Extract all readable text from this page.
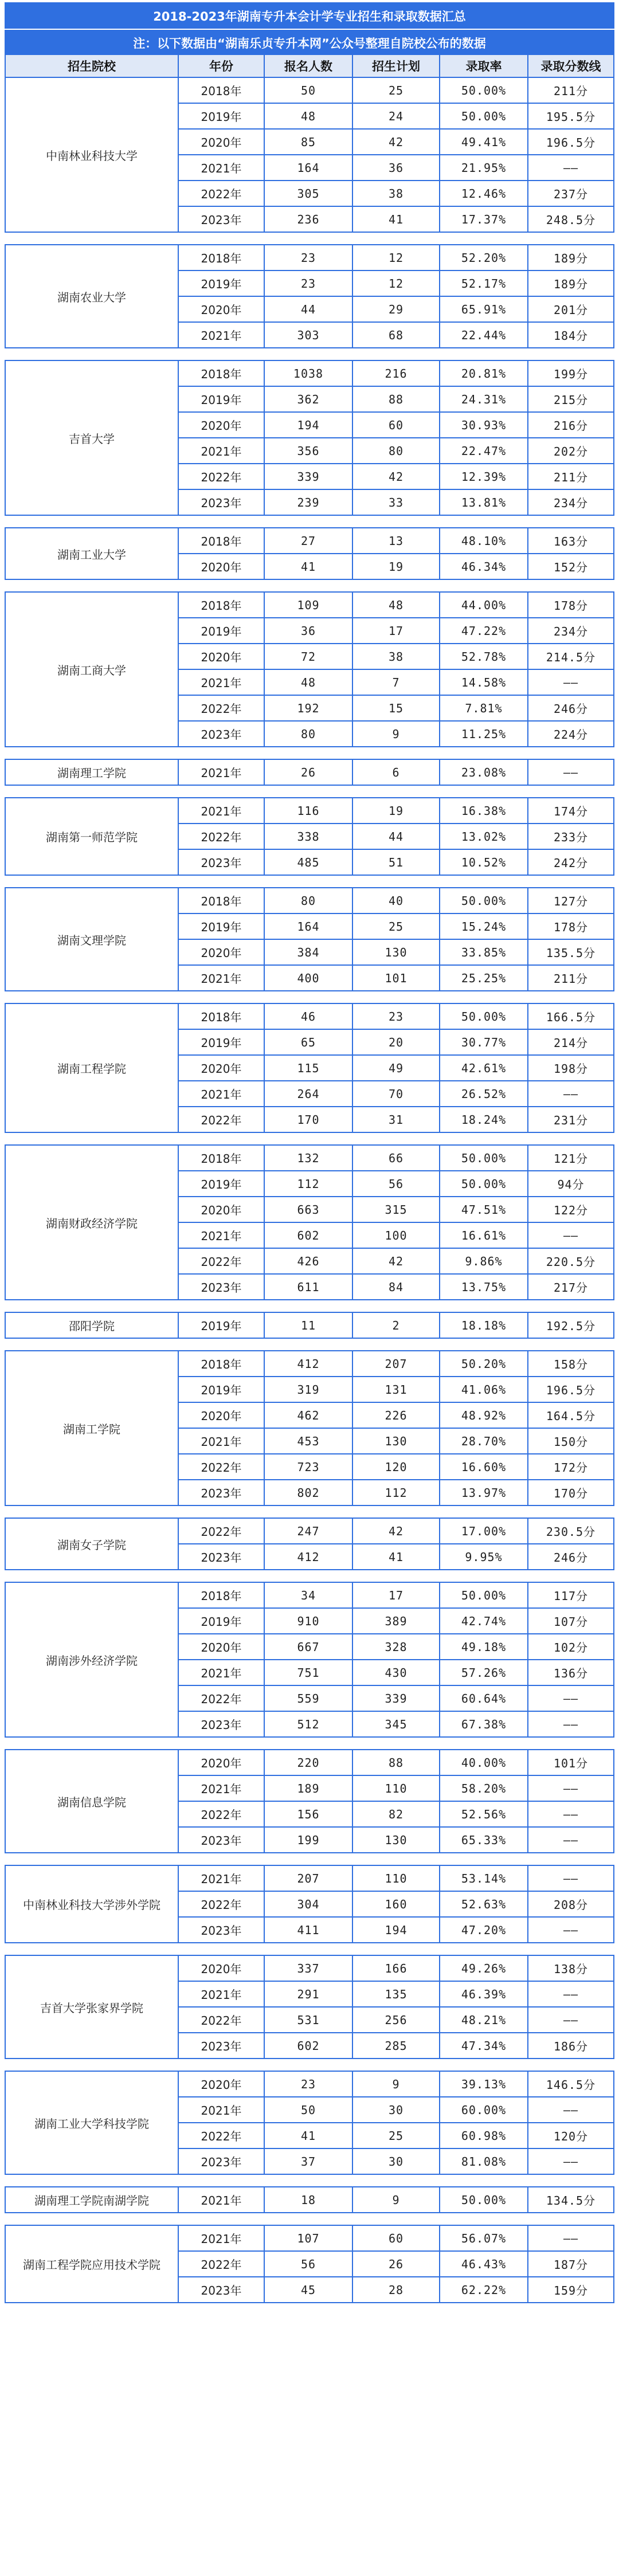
2018-2023年湖南专升本会计学专业招生和录取数据汇总
注：以下数据由“湖南乐贞专升本网”公众号整理自院校公布的数据
招生院校	年份	报名人数	招生计划	录取率	录取分数线
中南林业科技大学
2018年	50	25	50.00%	211分
2019年	48	24	50.00%	195.5分
2020年	85	42	49.41%	196.5分
2021年	164	36	21.95%	——
2022年	305	38	12.46%	237分
2023年	236	41	17.37%	248.5分
湖南农业大学
2018年	23	12	52.20%	189分
2019年	23	12	52.17%	189分
2020年	44	29	65.91%	201分
2021年	303	68	22.44%	184分
吉首大学
2018年	1038	216	20.81%	199分
2019年	362	88	24.31%	215分
2020年	194	60	30.93%	216分
2021年	356	80	22.47%	202分
2022年	339	42	12.39%	211分
2023年	239	33	13.81%	234分
湖南工业大学
2018年	27	13	48.10%	163分
2020年	41	19	46.34%	152分
湖南工商大学
2018年	109	48	44.00%	178分
2019年	36	17	47.22%	234分
2020年	72	38	52.78%	214.5分
2021年	48	7	14.58%	——
2022年	192	15	7.81%	246分
2023年	80	9	11.25%	224分
湖南理工学院	2021年	26	6	23.08%	——
湖南第一师范学院
2021年	116	19	16.38%	174分
2022年	338	44	13.02%	233分
2023年	485	51	10.52%	242分
湖南文理学院
2018年	80	40	50.00%	127分
2019年	164	25	15.24%	178分
2020年	384	130	33.85%	135.5分
2021年	400	101	25.25%	211分
湖南工程学院
2018年	46	23	50.00%	166.5分
2019年	65	20	30.77%	214分
2020年	115	49	42.61%	198分
2021年	264	70	26.52%	——
2022年	170	31	18.24%	231分
湖南财政经济学院
2018年	132	66	50.00%	121分
2019年	112	56	50.00%	94分
2020年	663	315	47.51%	122分
2021年	602	100	16.61%	——
2022年	426	42	9.86%	220.5分
2023年	611	84	13.75%	217分
邵阳学院	2019年	11	2	18.18%	192.5分
湖南工学院
2018年	412	207	50.20%	158分
2019年	319	131	41.06%	196.5分
2020年	462	226	48.92%	164.5分
2021年	453	130	28.70%	150分
2022年	723	120	16.60%	172分
2023年	802	112	13.97%	170分
湖南女子学院
2022年	247	42	17.00%	230.5分
2023年	412	41	9.95%	246分
湖南涉外经济学院
2018年	34	17	50.00%	117分
2019年	910	389	42.74%	107分
2020年	667	328	49.18%	102分
2021年	751	430	57.26%	136分
2022年	559	339	60.64%	——
2023年	512	345	67.38%	——
湖南信息学院
2020年	220	88	40.00%	101分
2021年	189	110	58.20%	——
2022年	156	82	52.56%	——
2023年	199	130	65.33%	——
中南林业科技大学涉外学院
2021年	207	110	53.14%	——
2022年	304	160	52.63%	208分
2023年	411	194	47.20%	——
吉首大学张家界学院
2020年	337	166	49.26%	138分
2021年	291	135	46.39%	——
2022年	531	256	48.21%	——
2023年	602	285	47.34%	186分
湖南工业大学科技学院
2020年	23	9	39.13%	146.5分
2021年	50	30	60.00%	——
2022年	41	25	60.98%	120分
2023年	37	30	81.08%	——
湖南理工学院南湖学院	2021年	18	9	50.00%	134.5分
湖南工程学院应用技术学院
2021年	107	60	56.07%	——
2022年	56	26	46.43%	187分
2023年	45	28	62.22%	159分
